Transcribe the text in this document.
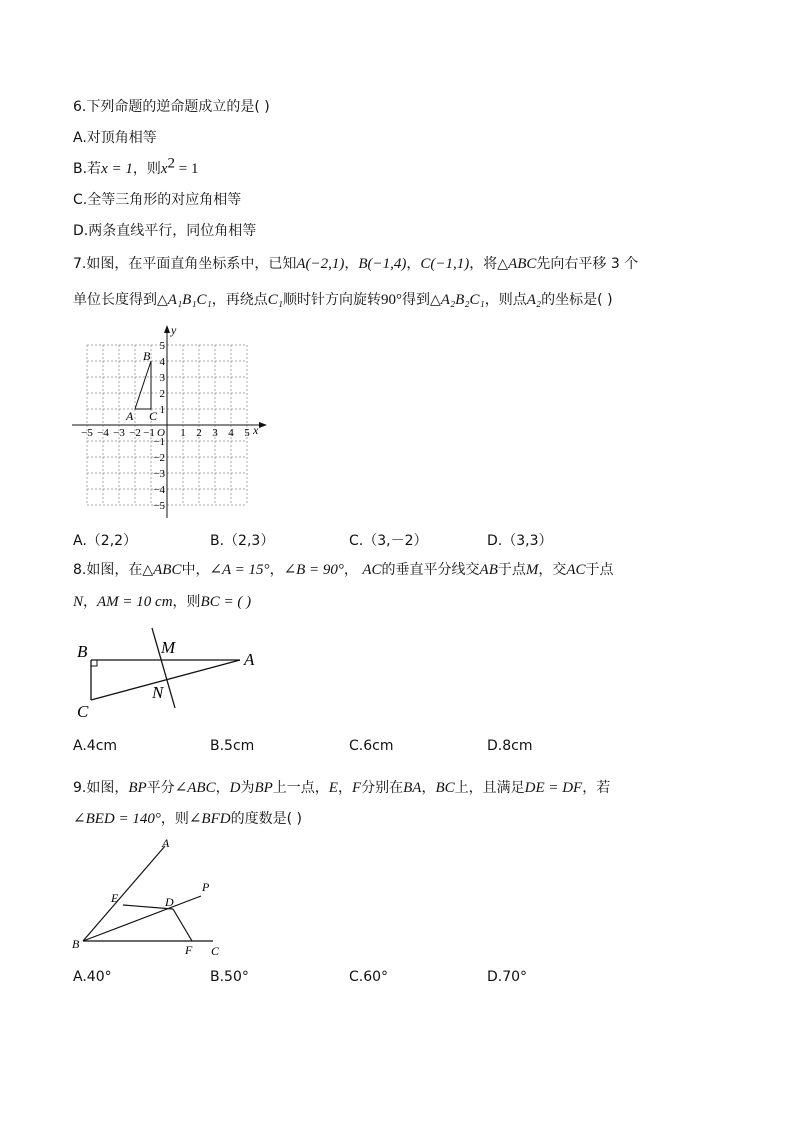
6.下列命题的逆命题成立的是( )
A.对顶角相等
B.若x = 1，则$x^2 = 1$
C.全等三角形的对应角相等
D.两条直线平行，同位角相等
7.如图，在平面直角坐标系中，已知A(−2,1)，B(−1,4)，C(−1,1)，将△ABC先向右平移 3 个
单位长度得到△A₁B₁C₁，再绕点C₁顺时针方向旋转90°得到△A₂B₂C₁，则点A₂的坐标是( )
y
x
O
−5 −4 −3 −2 −1 1 2 3 4 5
5
4
3
2
1
−1
−2
−3
−4
−5
B
A C
A.（2,2）	B.（2,3）	C.（3,－2）	D.（3,3）
8.如图，在△ABC中，∠A = 15°，∠B = 90°， AC的垂直平分线交AB于点M，交AC于点
N，AM = 10 cm，则BC = ( )
B	M
A
N
C
A.4cm	B.5cm	C.6cm	D.8cm
9.如图，BP平分∠ABC，D为BP上一点，E，F分别在BA，BC上，且满足DE = DF，若
∠BED = 140°，则∠BFD的度数是( )
A
P
E	D
B	F C
A.40°	B.50°	C.60°	D.70°
